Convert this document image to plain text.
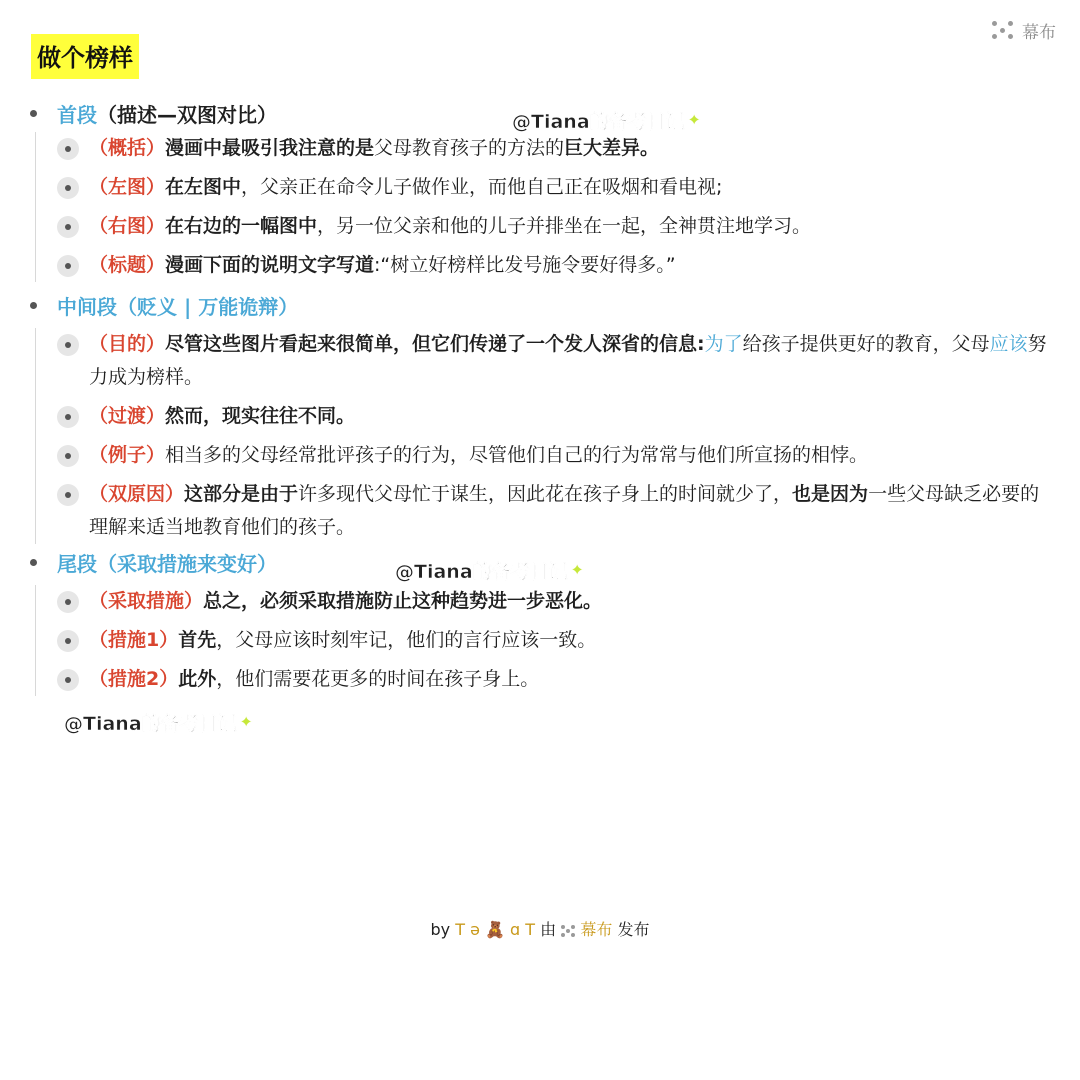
幕布
做个榜样
首段（描述—双图对比）
（概括）漫画中最吸引我注意的是父母教育孩子的方法的巨大差异。
（左图）在左图中，父亲正在命令儿子做作业，而他自己正在吸烟和看电视;
（右图）在右边的一幅图中，另一位父亲和他的儿子并排坐在一起，全神贯注地学习。
（标题）漫画下面的说明文字写道:“树立好榜样比发号施令要好得多。”
中间段（贬义 | 万能诡辩）
（目的）尽管这些图片看起来很简单，但它们传递了一个发人深省的信息:为了给孩子提供更好的教育，父母应该努力成为榜样。
（过渡）然而，现实往往不同。
（例子）相当多的父母经常批评孩子的行为，尽管他们自己的行为常常与他们所宣扬的相悖。
（双原因）这部分是由于许多现代父母忙于谋生，因此花在孩子身上的时间就少了，也是因为一些父母缺乏必要的理解来适当地教育他们的孩子。
尾段（采取措施来变好）
（采取措施）总之，必须采取措施防止这种趋势进一步恶化。
（措施1）首先，父母应该时刻牢记，他们的言行应该一致。
（措施2）此外，他们需要花更多的时间在孩子身上。
@Tiana的备考日记 ✦
@Tiana的备考日记 ✦
@Tiana的备考日记 ✦
by T ə 🧸 ɑ T 由 幕布 发布
